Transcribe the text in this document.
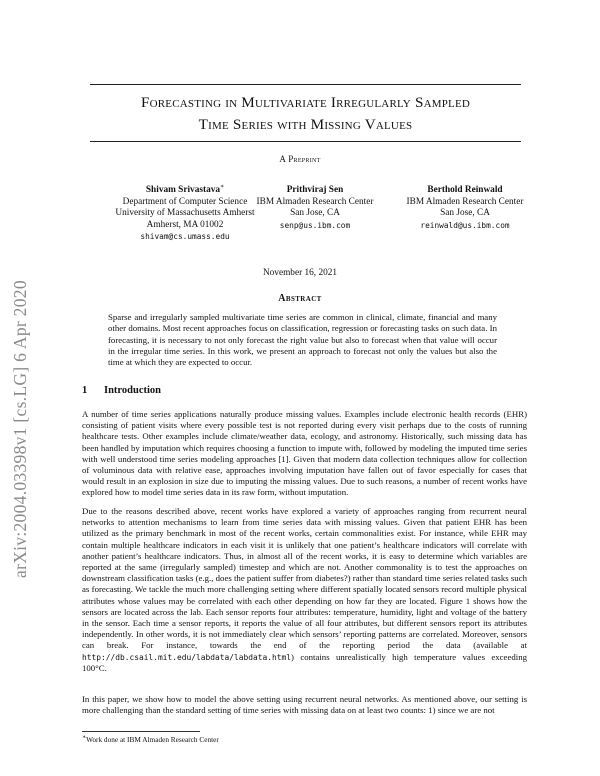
arXiv:2004.03398v1 [cs.LG] 6 Apr 2020
Forecasting in Multivariate Irregularly Sampled
Time Series with Missing Values
A Preprint
Shivam Srivastava∗
Department of Computer Science
University of Massachusetts Amherst
Amherst, MA 01002
shivam@cs.umass.edu
Prithviraj Sen
IBM Almaden Research Center
San Jose, CA
senp@us.ibm.com
Berthold Reinwald
IBM Almaden Research Center
San Jose, CA
reinwald@us.ibm.com
November 16, 2021
Abstract
Sparse and irregularly sampled multivariate time series are common in clinical, climate, financial and many other domains. Most recent approaches focus on classification, regression or forecasting tasks on such data. In forecasting, it is necessary to not only forecast the right value but also to forecast when that value will occur in the irregular time series. In this work, we present an approach to forecast not only the values but also the time at which they are expected to occur.
1 Introduction

A number of time series applications naturally produce missing values. Examples include electronic health records (EHR) consisting of patient visits where every possible test is not reported during every visit perhaps due to the costs of running healthcare tests. Other examples include climate/weather data, ecology, and astronomy. Historically, such missing data has been handled by imputation which requires choosing a function to impute with, followed by modeling the imputed time series with well understood time series modeling approaches [1]. Given that modern data collection techniques allow for collection of voluminous data with relative ease, approaches involving imputation have fallen out of favor especially for cases that would result in an explosion in size due to imputing the missing values. Due to such reasons, a number of recent works have explored how to model time series data in its raw form, without imputation.

Due to the reasons described above, recent works have explored a variety of approaches ranging from recurrent neural networks to attention mechanisms to learn from time series data with missing values. Given that patient EHR has been utilized as the primary benchmark in most of the recent works, certain commonalities exist. For instance, while EHR may contain multiple healthcare indicators in each visit it is unlikely that one patient’s healthcare indicators will correlate with another patient’s healthcare indicators. Thus, in almost all of the recent works, it is easy to determine which variables are reported at the same (irregularly sampled) timestep and which are not. Another commonality is to test the approaches on downstream classification tasks (e.g., does the patient suffer from diabetes?) rather than standard time series related tasks such as forecasting. We tackle the much more challenging setting where different spatially located sensors record multiple physical attributes whose values may be correlated with each other depending on how far they are located. Figure 1 shows how the sensors are located across the lab. Each sensor reports four attributes: temperature, humidity, light and voltage of the battery in the sensor. Each time a sensor reports, it reports the value of all four attributes, but different sensors report its attributes independently. In other words, it is not immediately clear which sensors’ reporting patterns are correlated. Moreover, sensors can break. For instance, towards the end of the reporting period the data (available at http://db.csail.mit.edu/labdata/labdata.html) contains unrealistically high temperature values exceeding 100°C.

In this paper, we show how to model the above setting using recurrent neural networks. As mentioned above, our setting is more challenging than the standard setting of time series with missing data on at least two counts: 1) since we are not

∗Work done at IBM Almaden Research Center
